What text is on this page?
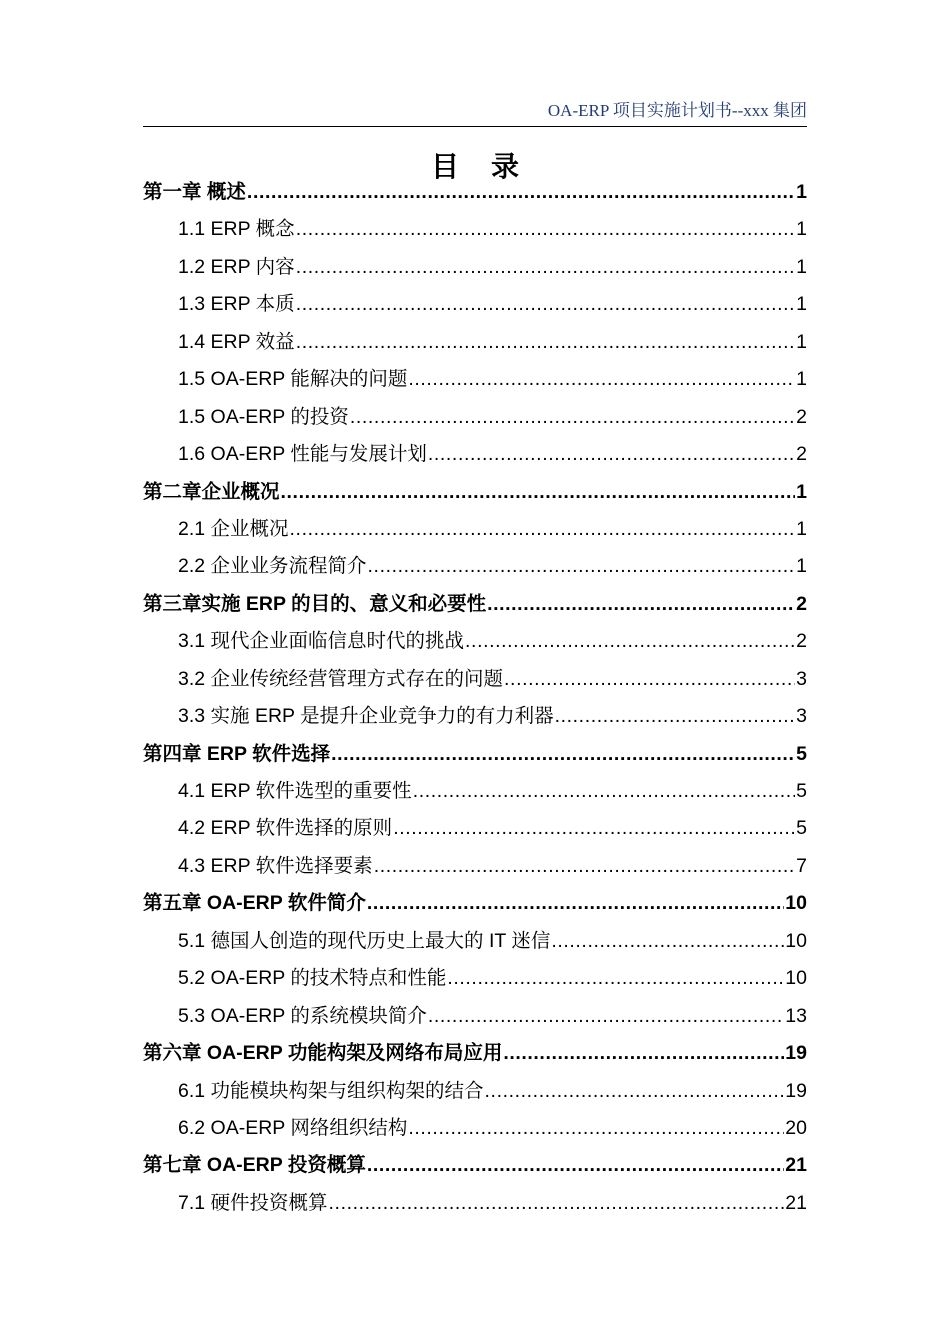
OA-ERP 项目实施计划书--xxx 集团
目录
第一章 概述 .....	1
1.1 ERP 概念 .....	1
1.2 ERP 内容 .....	1
1.3 ERP 本质 .....	1
1.4 ERP 效益 .....	1
1.5 OA-ERP 能解决的问题 .....	1
1.5 OA-ERP 的投资 .....	2
1.6 OA-ERP 性能与发展计划 .....	2
第二章企业概况 .....	1
2.1 企业概况 .....	1
2.2 企业业务流程简介 .....	1
第三章实施 ERP 的目的、意义和必要性 .....	2
3.1 现代企业面临信息时代的挑战 .....	2
3.2 企业传统经营管理方式存在的问题 .....	3
3.3 实施 ERP 是提升企业竞争力的有力利器 .....	3
第四章 ERP 软件选择 .....	5
4.1 ERP 软件选型的重要性 .....	5
4.2 ERP 软件选择的原则 .....	5
4.3 ERP 软件选择要素 .....	7
第五章 OA-ERP 软件简介 .....	10
5.1 德国人创造的现代历史上最大的 IT 迷信 .....	10
5.2 OA-ERP 的技术特点和性能 .....	10
5.3 OA-ERP 的系统模块简介 .....	13
第六章 OA-ERP 功能构架及网络布局应用 .....	19
6.1 功能模块构架与组织构架的结合 .....	19
6.2 OA-ERP 网络组织结构 .....	20
第七章 OA-ERP 投资概算 .....	21
7.1 硬件投资概算 .....	21
